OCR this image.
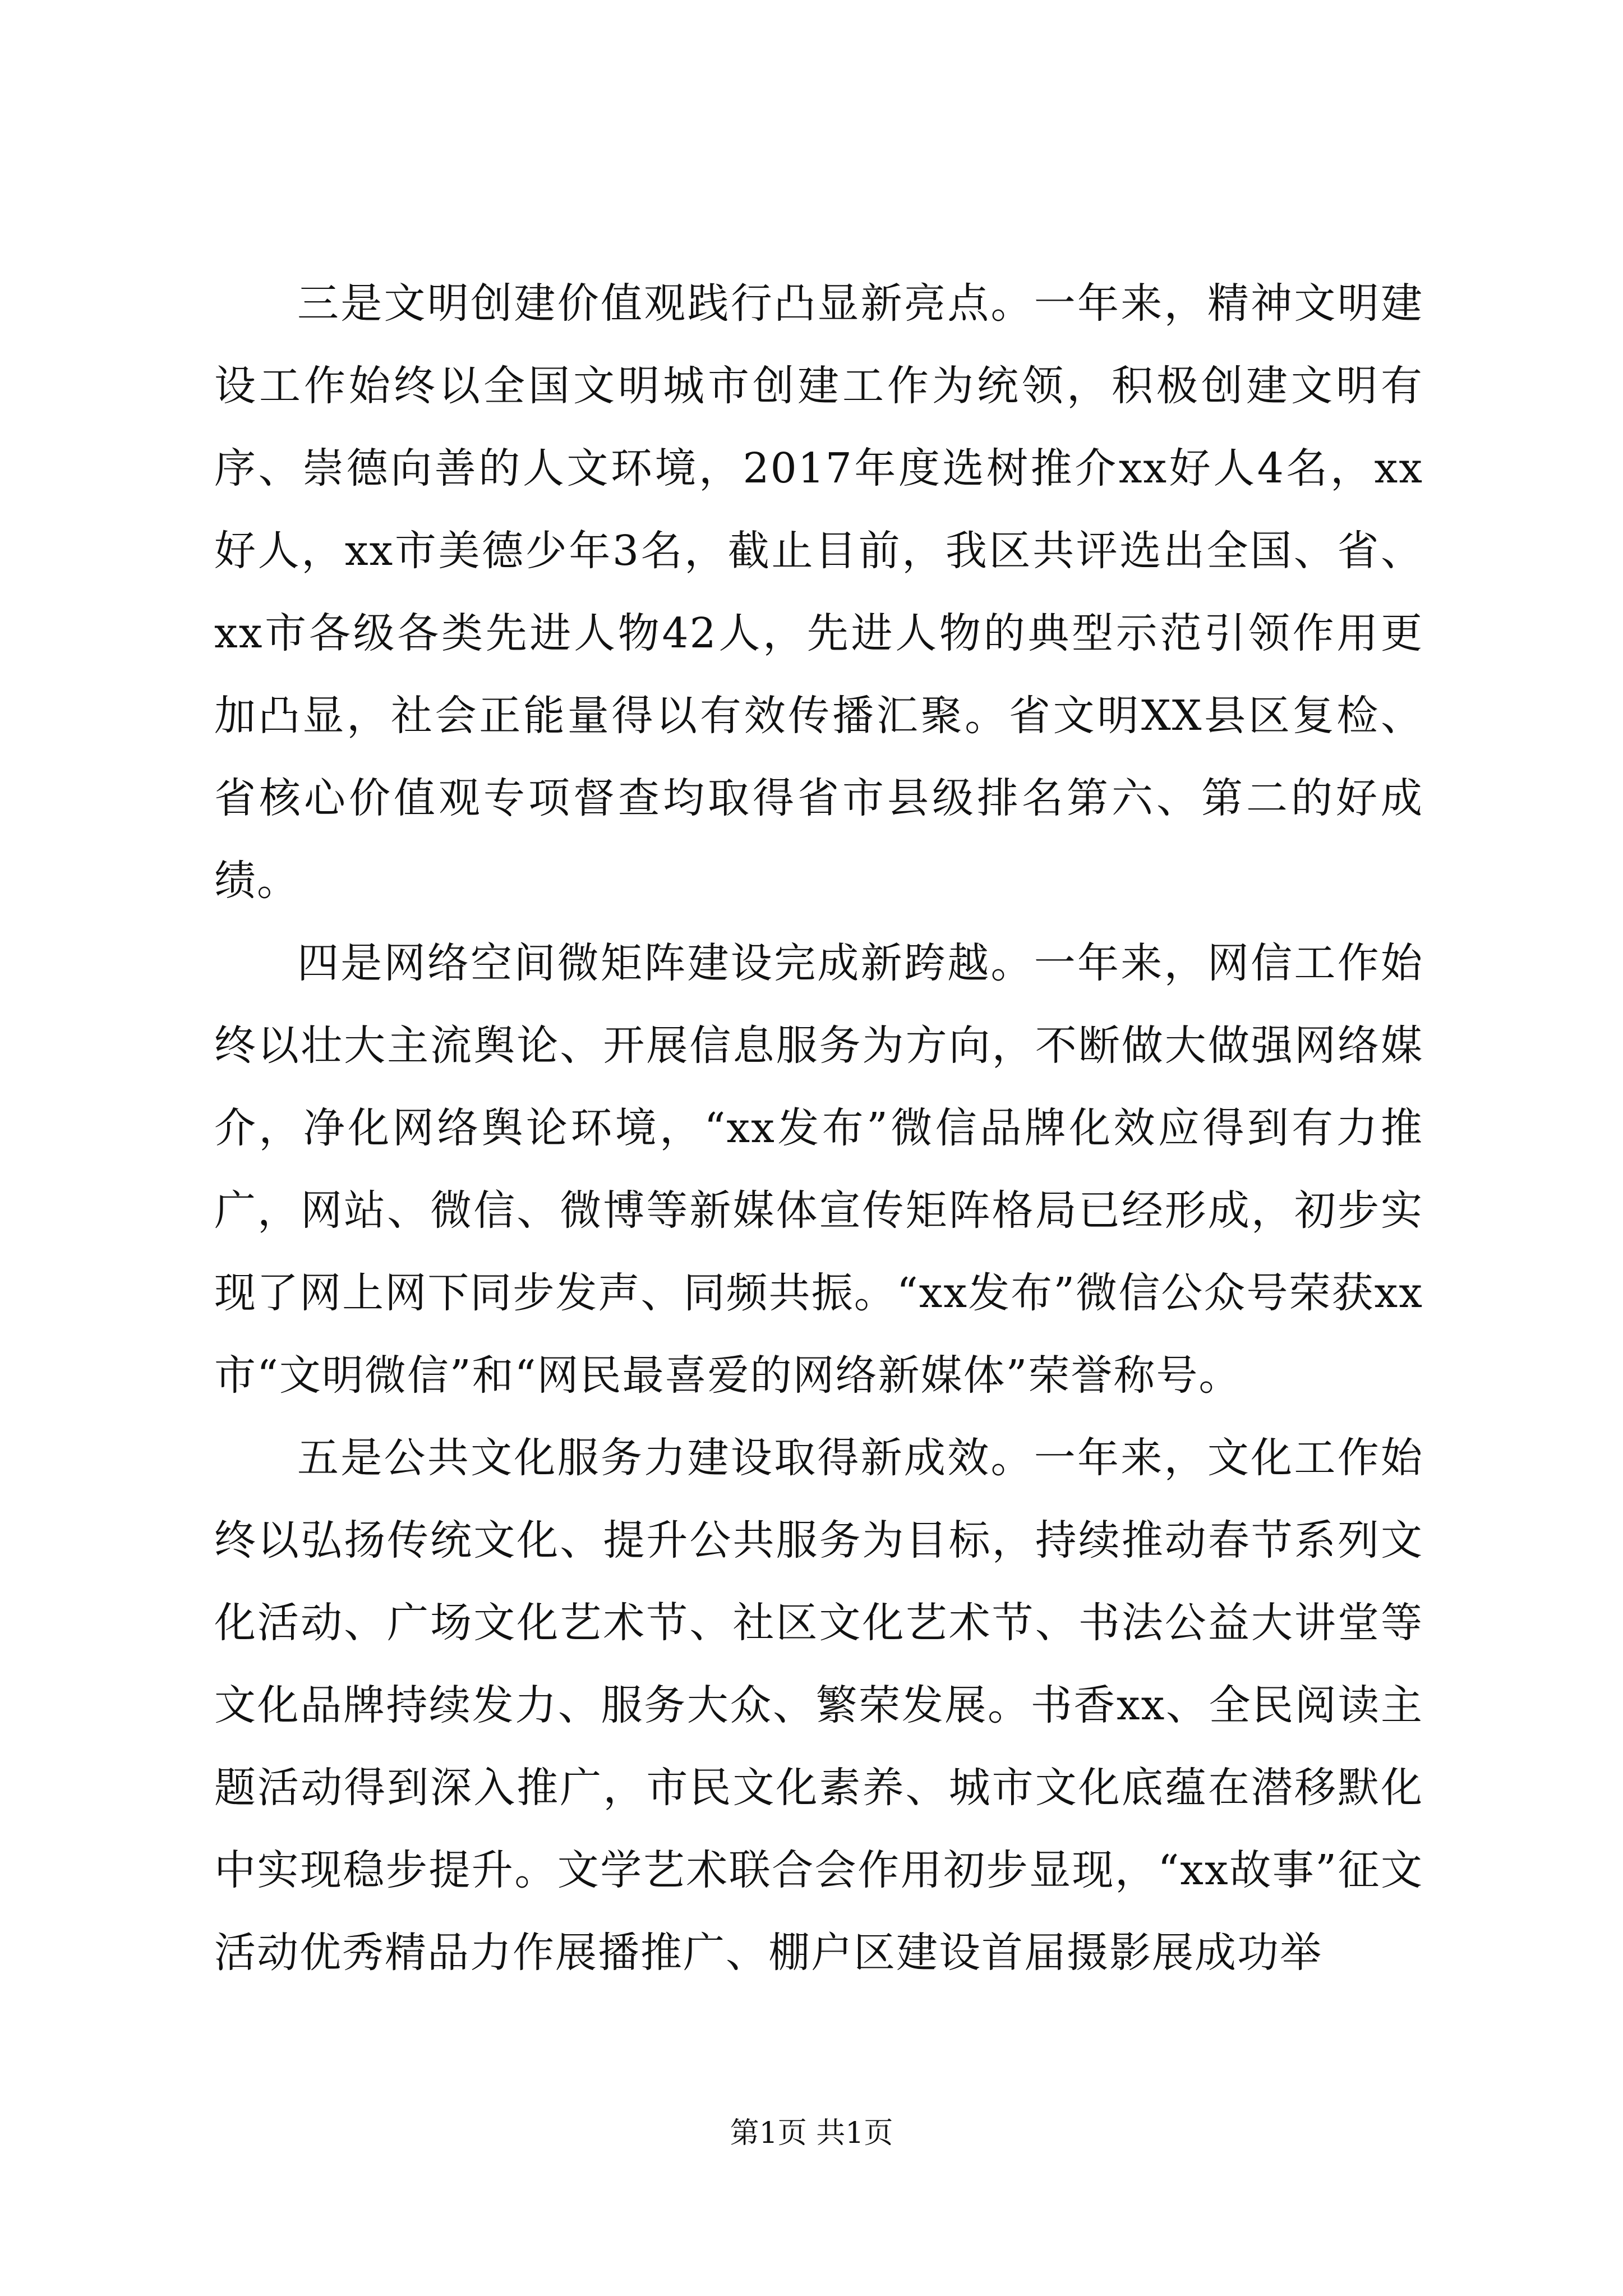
三是文明创建价值观践行凸显新亮点。一年来，精神文明建设工作始终以全国文明城市创建工作为统领，积极创建文明有序、崇德向善的人文环境，2017年度选树推介xx好人4名，xx好人，xx市美德少年3名，截止目前，我区共评选出全国、省、xx市各级各类先进人物42人，先进人物的典型示范引领作用更加凸显，社会正能量得以有效传播汇聚。省文明XX县区复检、省核心价值观专项督查均取得省市县级排名第六、第二的好成绩。

四是网络空间微矩阵建设完成新跨越。一年来，网信工作始终以壮大主流舆论、开展信息服务为方向，不断做大做强网络媒介，净化网络舆论环境，“xx发布”微信品牌化效应得到有力推广，网站、微信、微博等新媒体宣传矩阵格局已经形成，初步实现了网上网下同步发声、同频共振。“xx发布”微信公众号荣获xx市“文明微信”和“网民最喜爱的网络新媒体”荣誉称号。

五是公共文化服务力建设取得新成效。一年来，文化工作始终以弘扬传统文化、提升公共服务为目标，持续推动春节系列文化活动、广场文化艺术节、社区文化艺术节、书法公益大讲堂等文化品牌持续发力、服务大众、繁荣发展。书香xx、全民阅读主题活动得到深入推广，市民文化素养、城市文化底蕴在潜移默化中实现稳步提升。文学艺术联合会作用初步显现，“xx故事”征文活动优秀精品力作展播推广、棚户区建设首届摄影展成功举

第1页 共1页
